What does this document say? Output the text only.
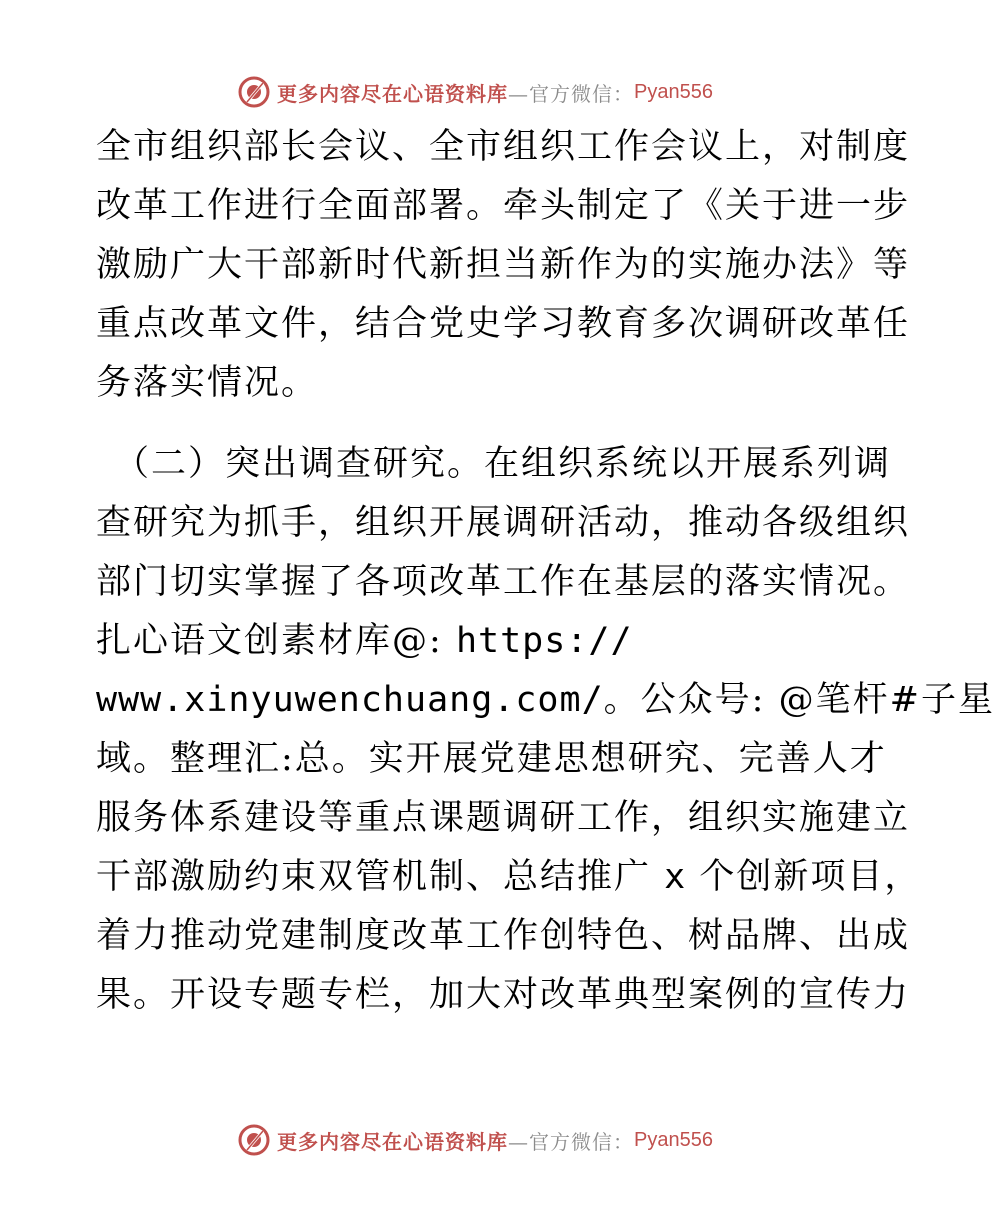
更多内容尽在心语资料库 —官方微信： Pyan556
全市组织部长会议、全市组织工作会议上，对制度
改革工作进行全面部署。牵头制定了《关于进一步
激励广大干部新时代新担当新作为的实施办法》等
重点改革文件，结合党史学习教育多次调研改革任
务落实情况。
（二）突出调查研究。在组织系统以开展系列调
查研究为抓手，组织开展调研活动，推动各级组织
部门切实掌握了各项改革工作在基层的落实情况。
扎心语文创素材库@: https://
www.xinyuwenchuang.com/。公众号: @笔杆#子星
域。整理汇:总。实开展党建思想研究、完善人才
服务体系建设等重点课题调研工作，组织实施建立
干部激励约束双管机制、总结推广 x 个创新项目，
着力推动党建制度改革工作创特色、树品牌、出成
果。开设专题专栏，加大对改革典型案例的宣传力
更多内容尽在心语资料库 —官方微信： Pyan556
